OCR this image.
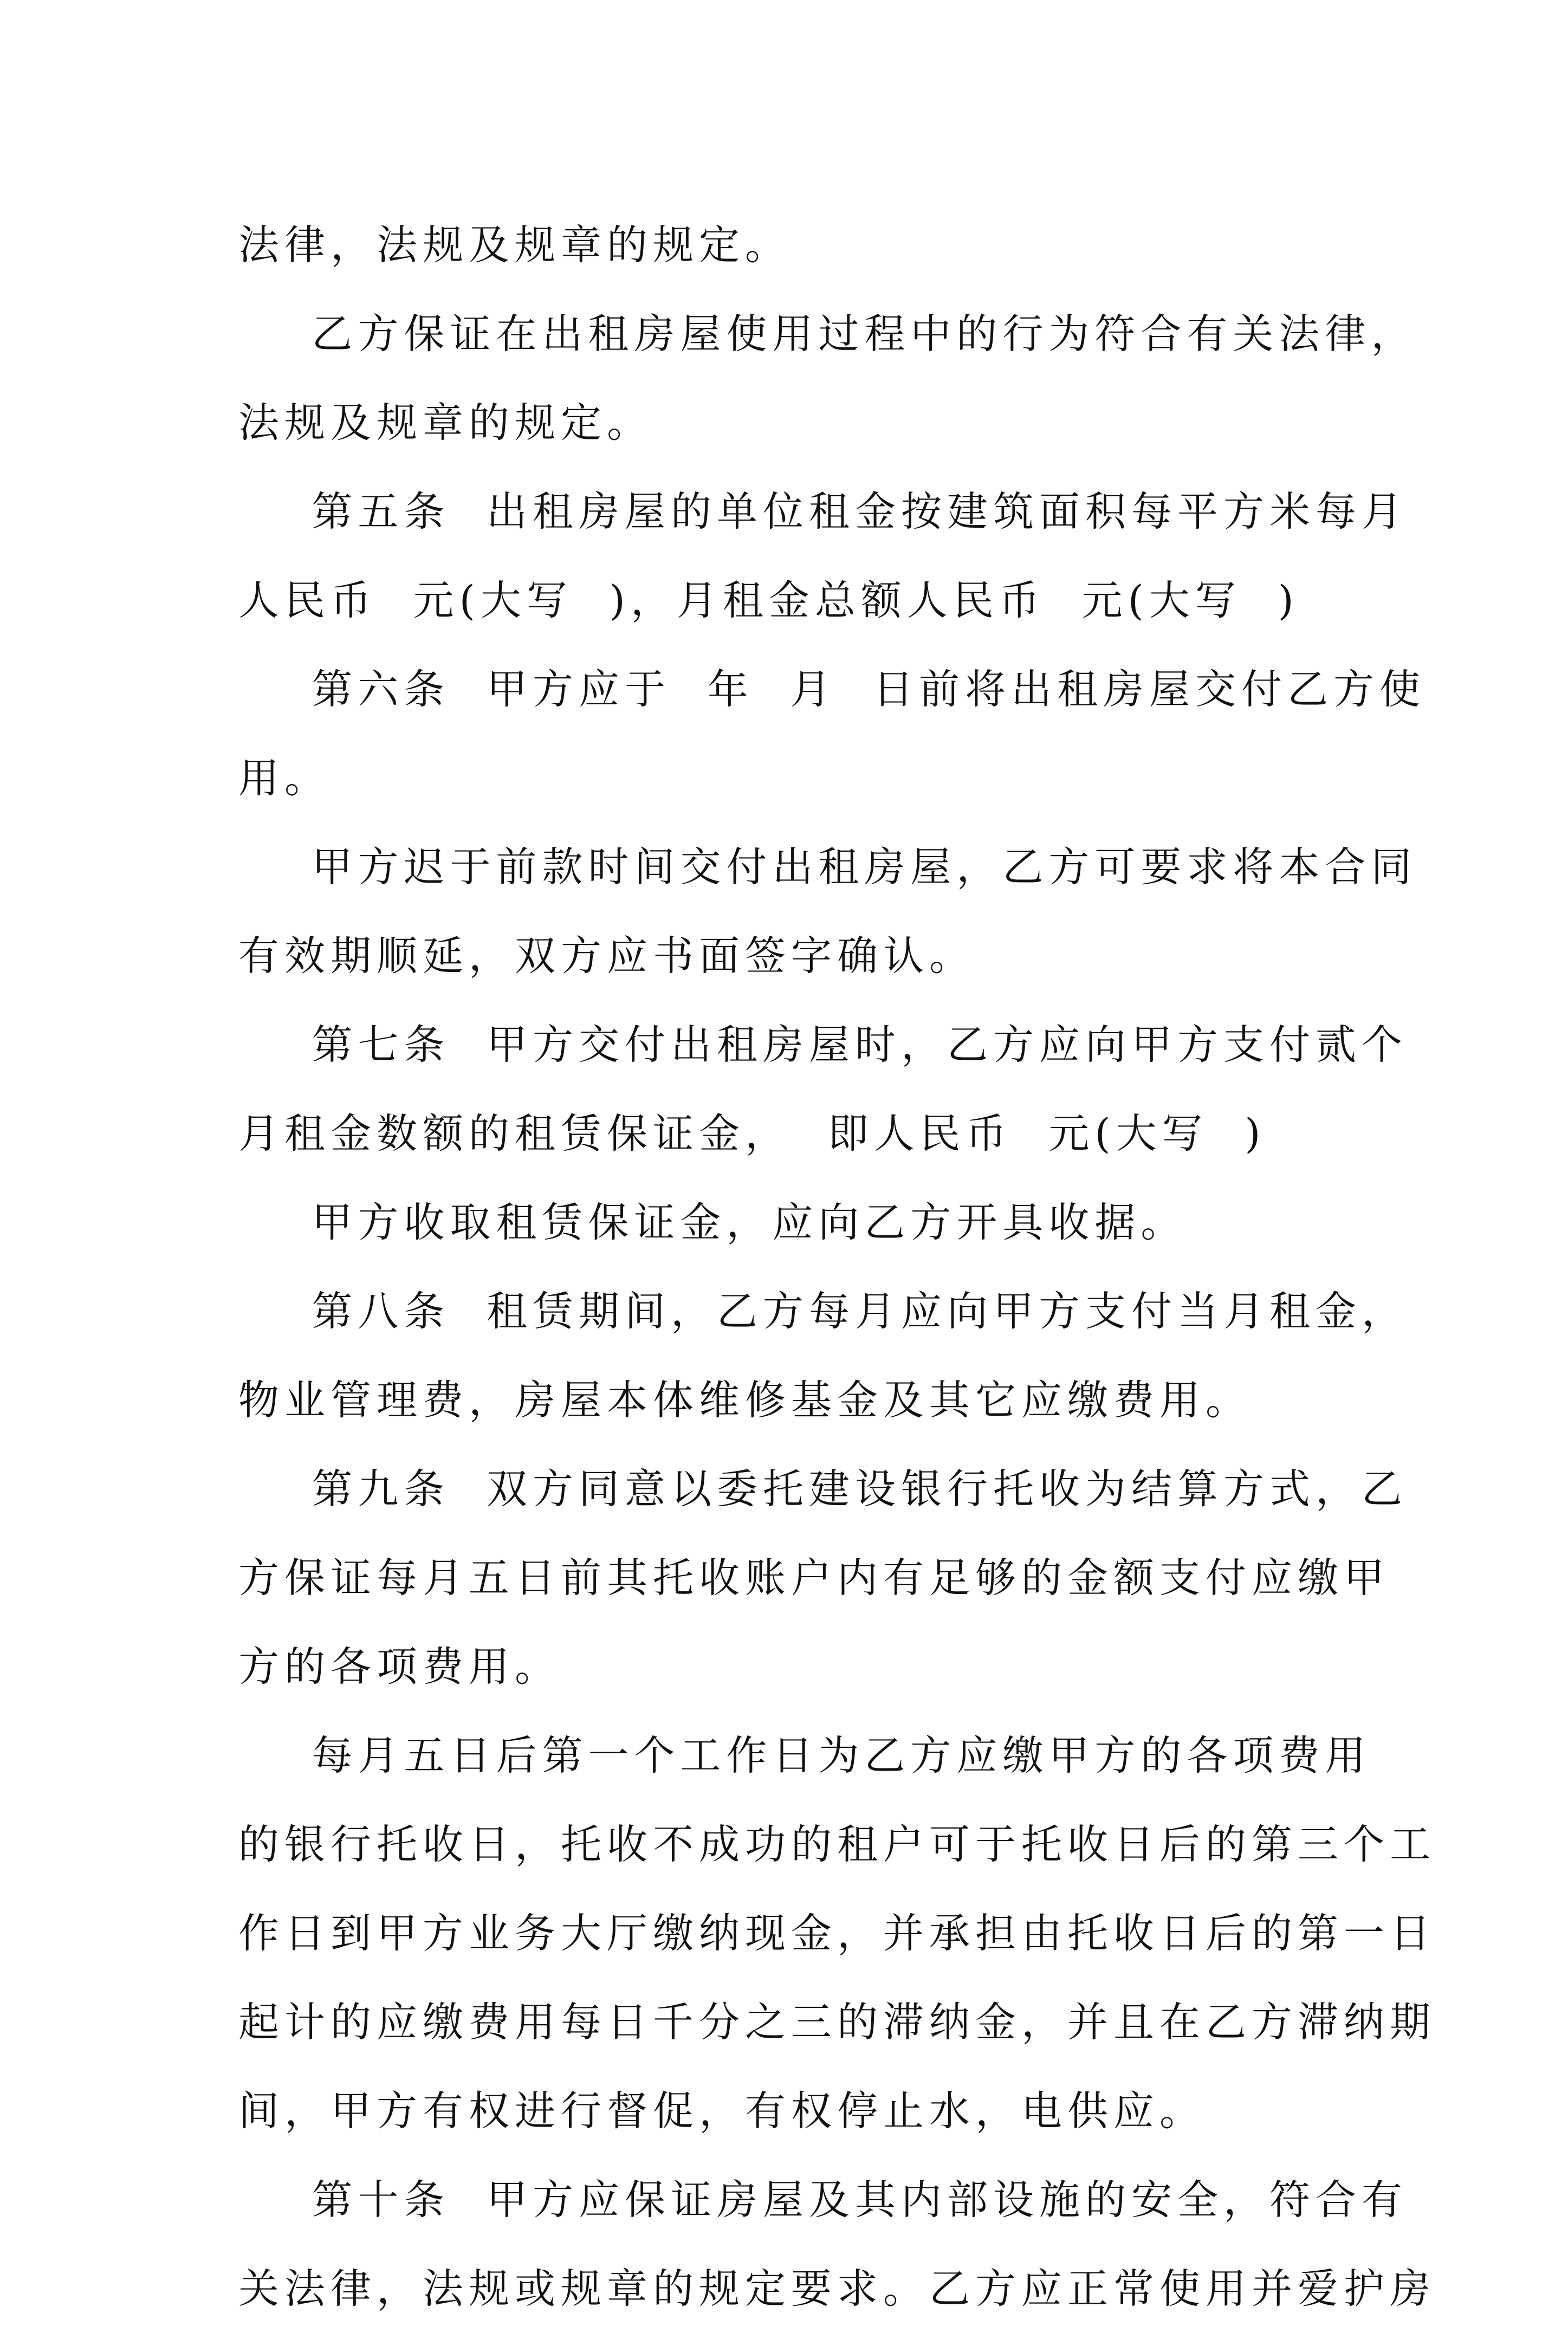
法律，法规及规章的规定。
乙方保证在出租房屋使用过程中的行为符合有关法律，
法规及规章的规定。
第五条  出租房屋的单位租金按建筑面积每平方米每月
人民币  元(大写  )，月租金总额人民币  元(大写  )
第六条  甲方应于  年  月  日前将出租房屋交付乙方使
用。
甲方迟于前款时间交付出租房屋，乙方可要求将本合同
有效期顺延，双方应书面签字确认。
第七条  甲方交付出租房屋时，乙方应向甲方支付贰个
月租金数额的租赁保证金，  即人民币  元(大写  )
甲方收取租赁保证金，应向乙方开具收据。
第八条  租赁期间，乙方每月应向甲方支付当月租金，
物业管理费，房屋本体维修基金及其它应缴费用。
第九条  双方同意以委托建设银行托收为结算方式，乙
方保证每月五日前其托收账户内有足够的金额支付应缴甲
方的各项费用。
每月五日后第一个工作日为乙方应缴甲方的各项费用
的银行托收日，托收不成功的租户可于托收日后的第三个工
作日到甲方业务大厅缴纳现金，并承担由托收日后的第一日
起计的应缴费用每日千分之三的滞纳金，并且在乙方滞纳期
间，甲方有权进行督促，有权停止水，电供应。
第十条  甲方应保证房屋及其内部设施的安全，符合有
关法律，法规或规章的规定要求。乙方应正常使用并爱护房
